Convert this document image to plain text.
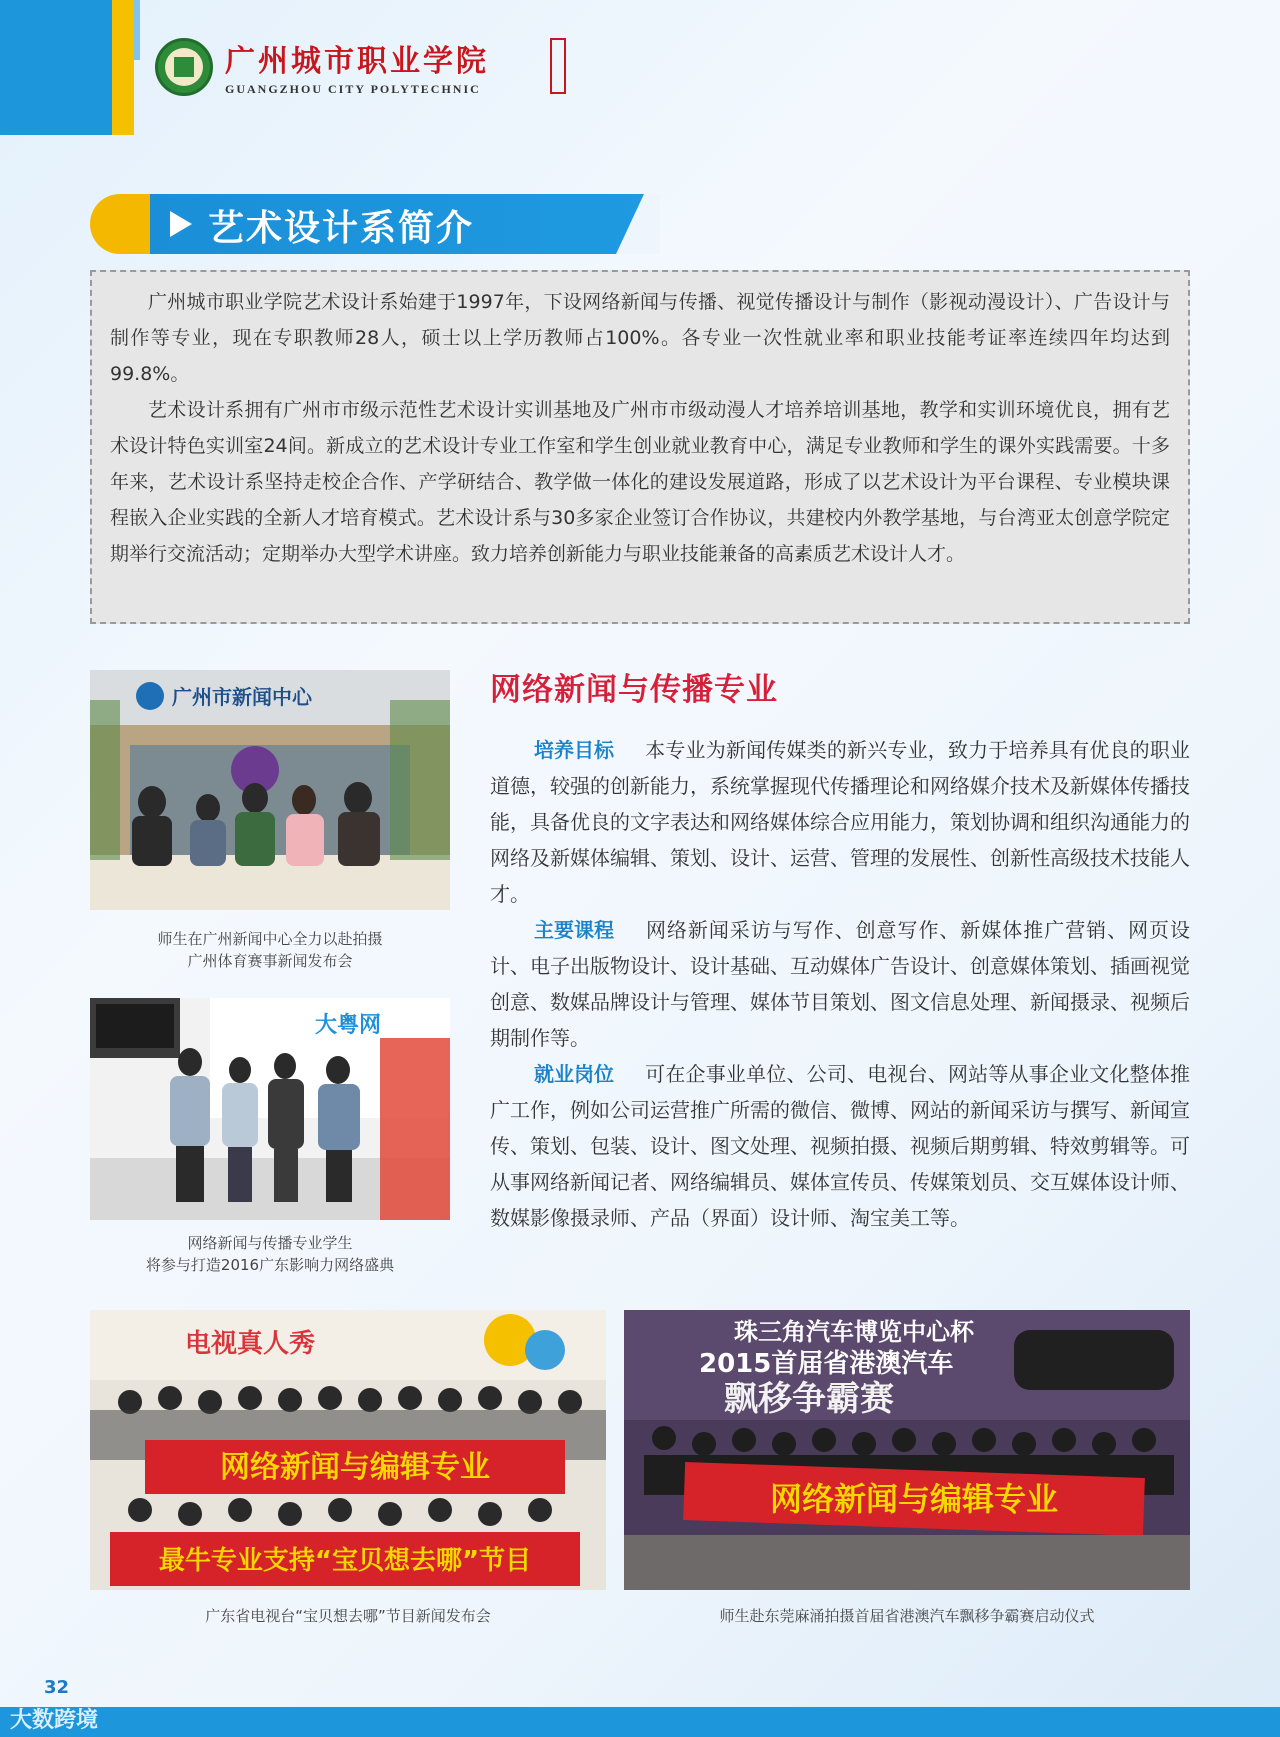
广州城市职业学院
GUANGZHOU CITY POLYTECHNIC
艺术设计系简介

广州城市职业学院艺术设计系始建于1997年，下设网络新闻与传播、视觉传播设计与制作（影视动漫设计）、广告设计与制作等专业，现在专职教师28人，硕士以上学历教师占100%。各专业一次性就业率和职业技能考证率连续四年均达到99.8%。

艺术设计系拥有广州市市级示范性艺术设计实训基地及广州市市级动漫人才培养培训基地，教学和实训环境优良，拥有艺术设计特色实训室24间。新成立的艺术设计专业工作室和学生创业就业教育中心，满足专业教师和学生的课外实践需要。十多年来，艺术设计系坚持走校企合作、产学研结合、教学做一体化的建设发展道路，形成了以艺术设计为平台课程、专业模块课程嵌入企业实践的全新人才培育模式。艺术设计系与30多家企业签订合作协议，共建校内外教学基地，与台湾亚太创意学院定期举行交流活动；定期举办大型学术讲座。致力培养创新能力与职业技能兼备的高素质艺术设计人才。

广州市新闻中心
师生在广州新闻中心全力以赴拍摄
广州体育赛事新闻发布会
大粤网
网络新闻与传播专业学生
将参与打造2016广东影响力网络盛典
网络新闻与传播专业

培养目标 本专业为新闻传媒类的新兴专业，致力于培养具有优良的职业道德，较强的创新能力，系统掌握现代传播理论和网络媒介技术及新媒体传播技能，具备优良的文字表达和网络媒体综合应用能力，策划协调和组织沟通能力的网络及新媒体编辑、策划、设计、运营、管理的发展性、创新性高级技术技能人才。

主要课程 网络新闻采访与写作、创意写作、新媒体推广营销、网页设计、电子出版物设计、设计基础、互动媒体广告设计、创意媒体策划、插画视觉创意、数媒品牌设计与管理、媒体节目策划、图文信息处理、新闻摄录、视频后期制作等。

就业岗位 可在企事业单位、公司、电视台、网站等从事企业文化整体推广工作，例如公司运营推广所需的微信、微博、网站的新闻采访与撰写、新闻宣传、策划、包装、设计、图文处理、视频拍摄、视频后期剪辑、特效剪辑等。可从事网络新闻记者、网络编辑员、媒体宣传员、传媒策划员、交互媒体设计师、数媒影像摄录师、产品（界面）设计师、淘宝美工等。

电视真人秀
网络新闻与编辑专业
最牛专业支持“宝贝想去哪”节目
广东省电视台“宝贝想去哪”节目新闻发布会
珠三角汽车博览中心杯
2015首届省港澳汽车
飘移争霸赛
网络新闻与编辑专业
师生赴东莞麻涌拍摄首届省港澳汽车飘移争霸赛启动仪式
32
大数跨境
